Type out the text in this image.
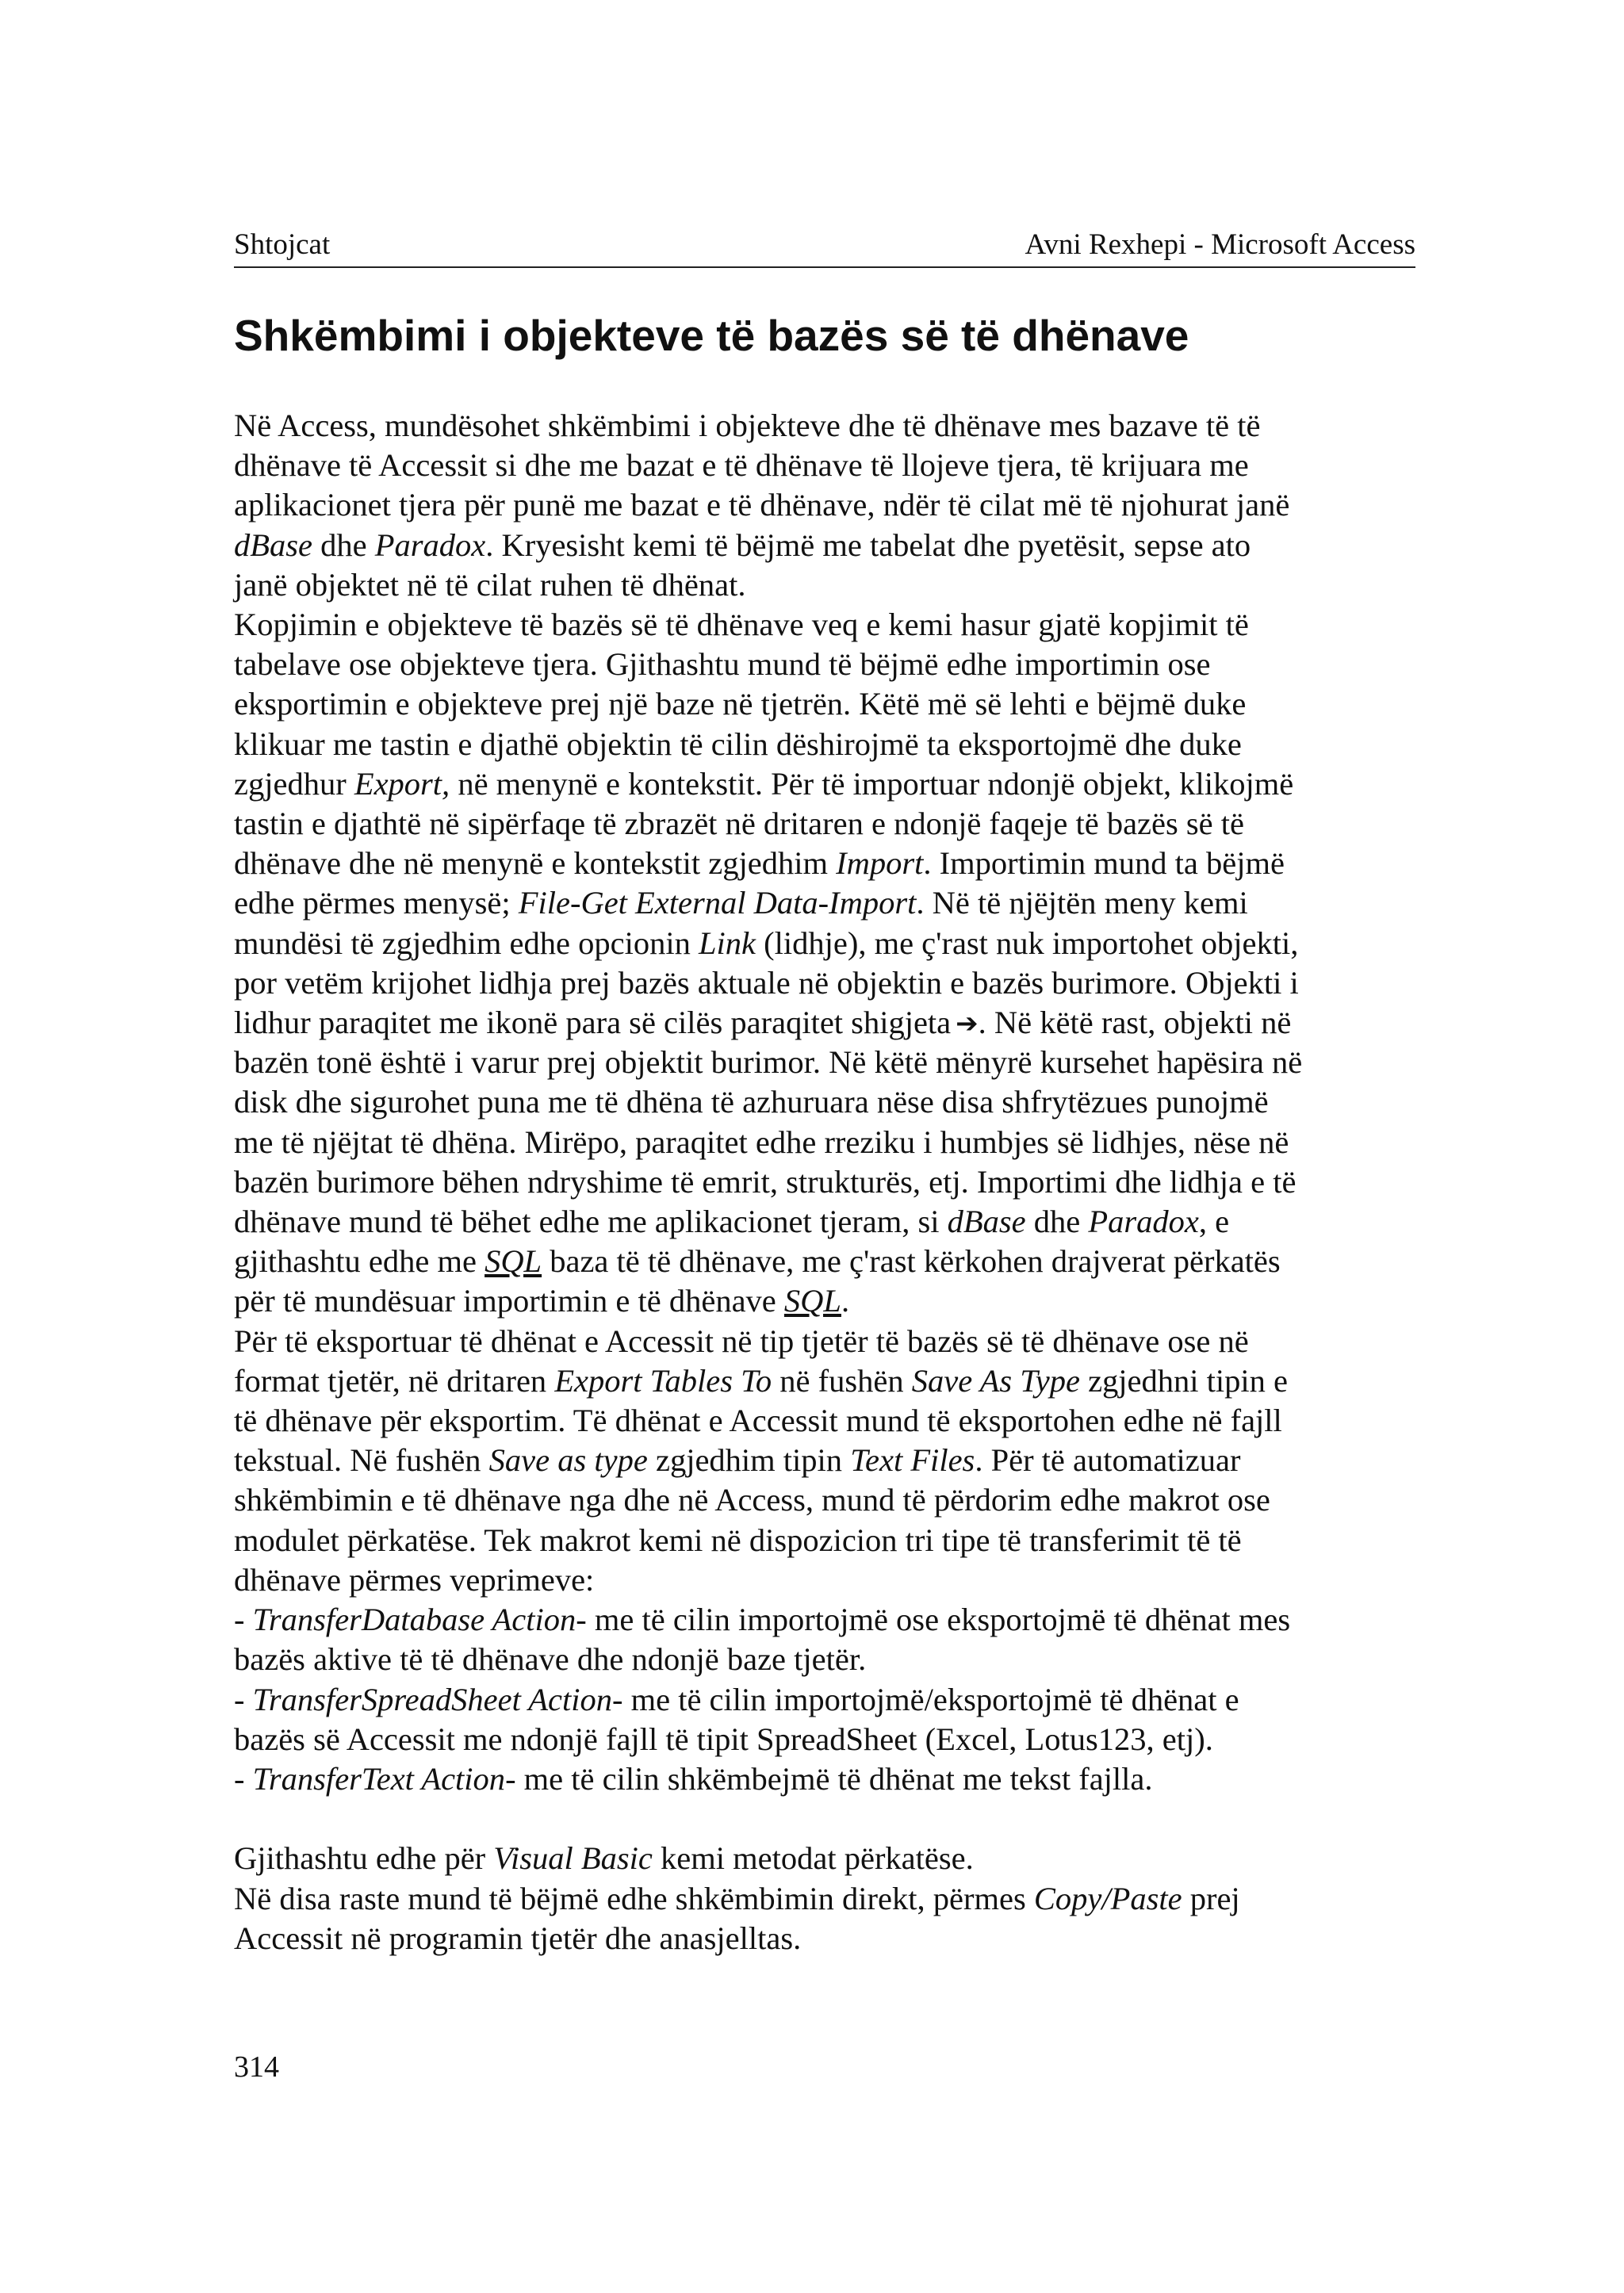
Shtojcat	Avni Rexhepi - Microsoft Access
Shkëmbimi i objekteve të bazës së të dhënave

Në Access, mundësohet shkëmbimi i objekteve dhe të dhënave mes bazave të të

dhënave të Accessit si dhe me bazat e të dhënave të llojeve tjera, të krijuara me

aplikacionet tjera për punë me bazat e të dhënave, ndër të cilat më të njohurat janë

dBase dhe Paradox. Kryesisht kemi të bëjmë me tabelat dhe pyetësit, sepse ato

janë objektet në të cilat ruhen të dhënat.

Kopjimin e objekteve të bazës së të dhënave veq e kemi hasur gjatë kopjimit të

tabelave ose objekteve tjera. Gjithashtu mund të bëjmë edhe importimin ose

eksportimin e objekteve prej një baze në tjetrën. Këtë më së lehti e bëjmë duke

klikuar me tastin e djathë objektin të cilin dëshirojmë ta eksportojmë dhe duke

zgjedhur Export, në menynë e kontekstit. Për të importuar ndonjë objekt, klikojmë

tastin e djathtë në sipërfaqe të zbrazët në dritaren e ndonjë faqeje të bazës së të

dhënave dhe në menynë e kontekstit zgjedhim Import. Importimin mund ta bëjmë

edhe përmes menysë; File-Get External Data-Import. Në të njëjtën meny kemi

mundësi të zgjedhim edhe opcionin Link (lidhje), me ç'rast nuk importohet objekti,

por vetëm krijohet lidhja prej bazës aktuale në objektin e bazës burimore. Objekti i

lidhur paraqitet me ikonë para së cilës paraqitet shigjeta ➔. Në këtë rast, objekti në

bazën tonë është i varur prej objektit burimor. Në këtë mënyrë kursehet hapësira në

disk dhe sigurohet puna me të dhëna të azhuruara nëse disa shfrytëzues punojmë

me të njëjtat të dhëna. Mirëpo, paraqitet edhe rreziku i humbjes së lidhjes, nëse në

bazën burimore bëhen ndryshime të emrit, strukturës, etj. Importimi dhe lidhja e të

dhënave mund të bëhet edhe me aplikacionet tjeram, si dBase dhe Paradox, e

gjithashtu edhe me SQL baza të të dhënave, me ç'rast kërkohen drajverat përkatës

për të mundësuar importimin e të dhënave SQL.

Për të eksportuar të dhënat e Accessit në tip tjetër të bazës së të dhënave ose në

format tjetër, në dritaren Export Tables To në fushën Save As Type zgjedhni tipin e

të dhënave për eksportim. Të dhënat e Accessit mund të eksportohen edhe në fajll

tekstual. Në fushën Save as type zgjedhim tipin Text Files. Për të automatizuar

shkëmbimin e të dhënave nga dhe në Access, mund të përdorim edhe makrot ose

modulet përkatëse. Tek makrot kemi në dispozicion tri tipe të transferimit të të

dhënave përmes veprimeve:

- TransferDatabase Action- me të cilin importojmë ose eksportojmë të dhënat mes

bazës aktive të të dhënave dhe ndonjë baze tjetër.

- TransferSpreadSheet Action- me të cilin importojmë/eksportojmë të dhënat e

bazës së Accessit me ndonjë fajll të tipit SpreadSheet (Excel, Lotus123, etj).

- TransferText Action- me të cilin shkëmbejmë të dhënat me tekst fajlla.

Gjithashtu edhe për Visual Basic kemi metodat përkatëse.

Në disa raste mund të bëjmë edhe shkëmbimin direkt, përmes Copy/Paste prej

Accessit në programin tjetër dhe anasjelltas.

314
